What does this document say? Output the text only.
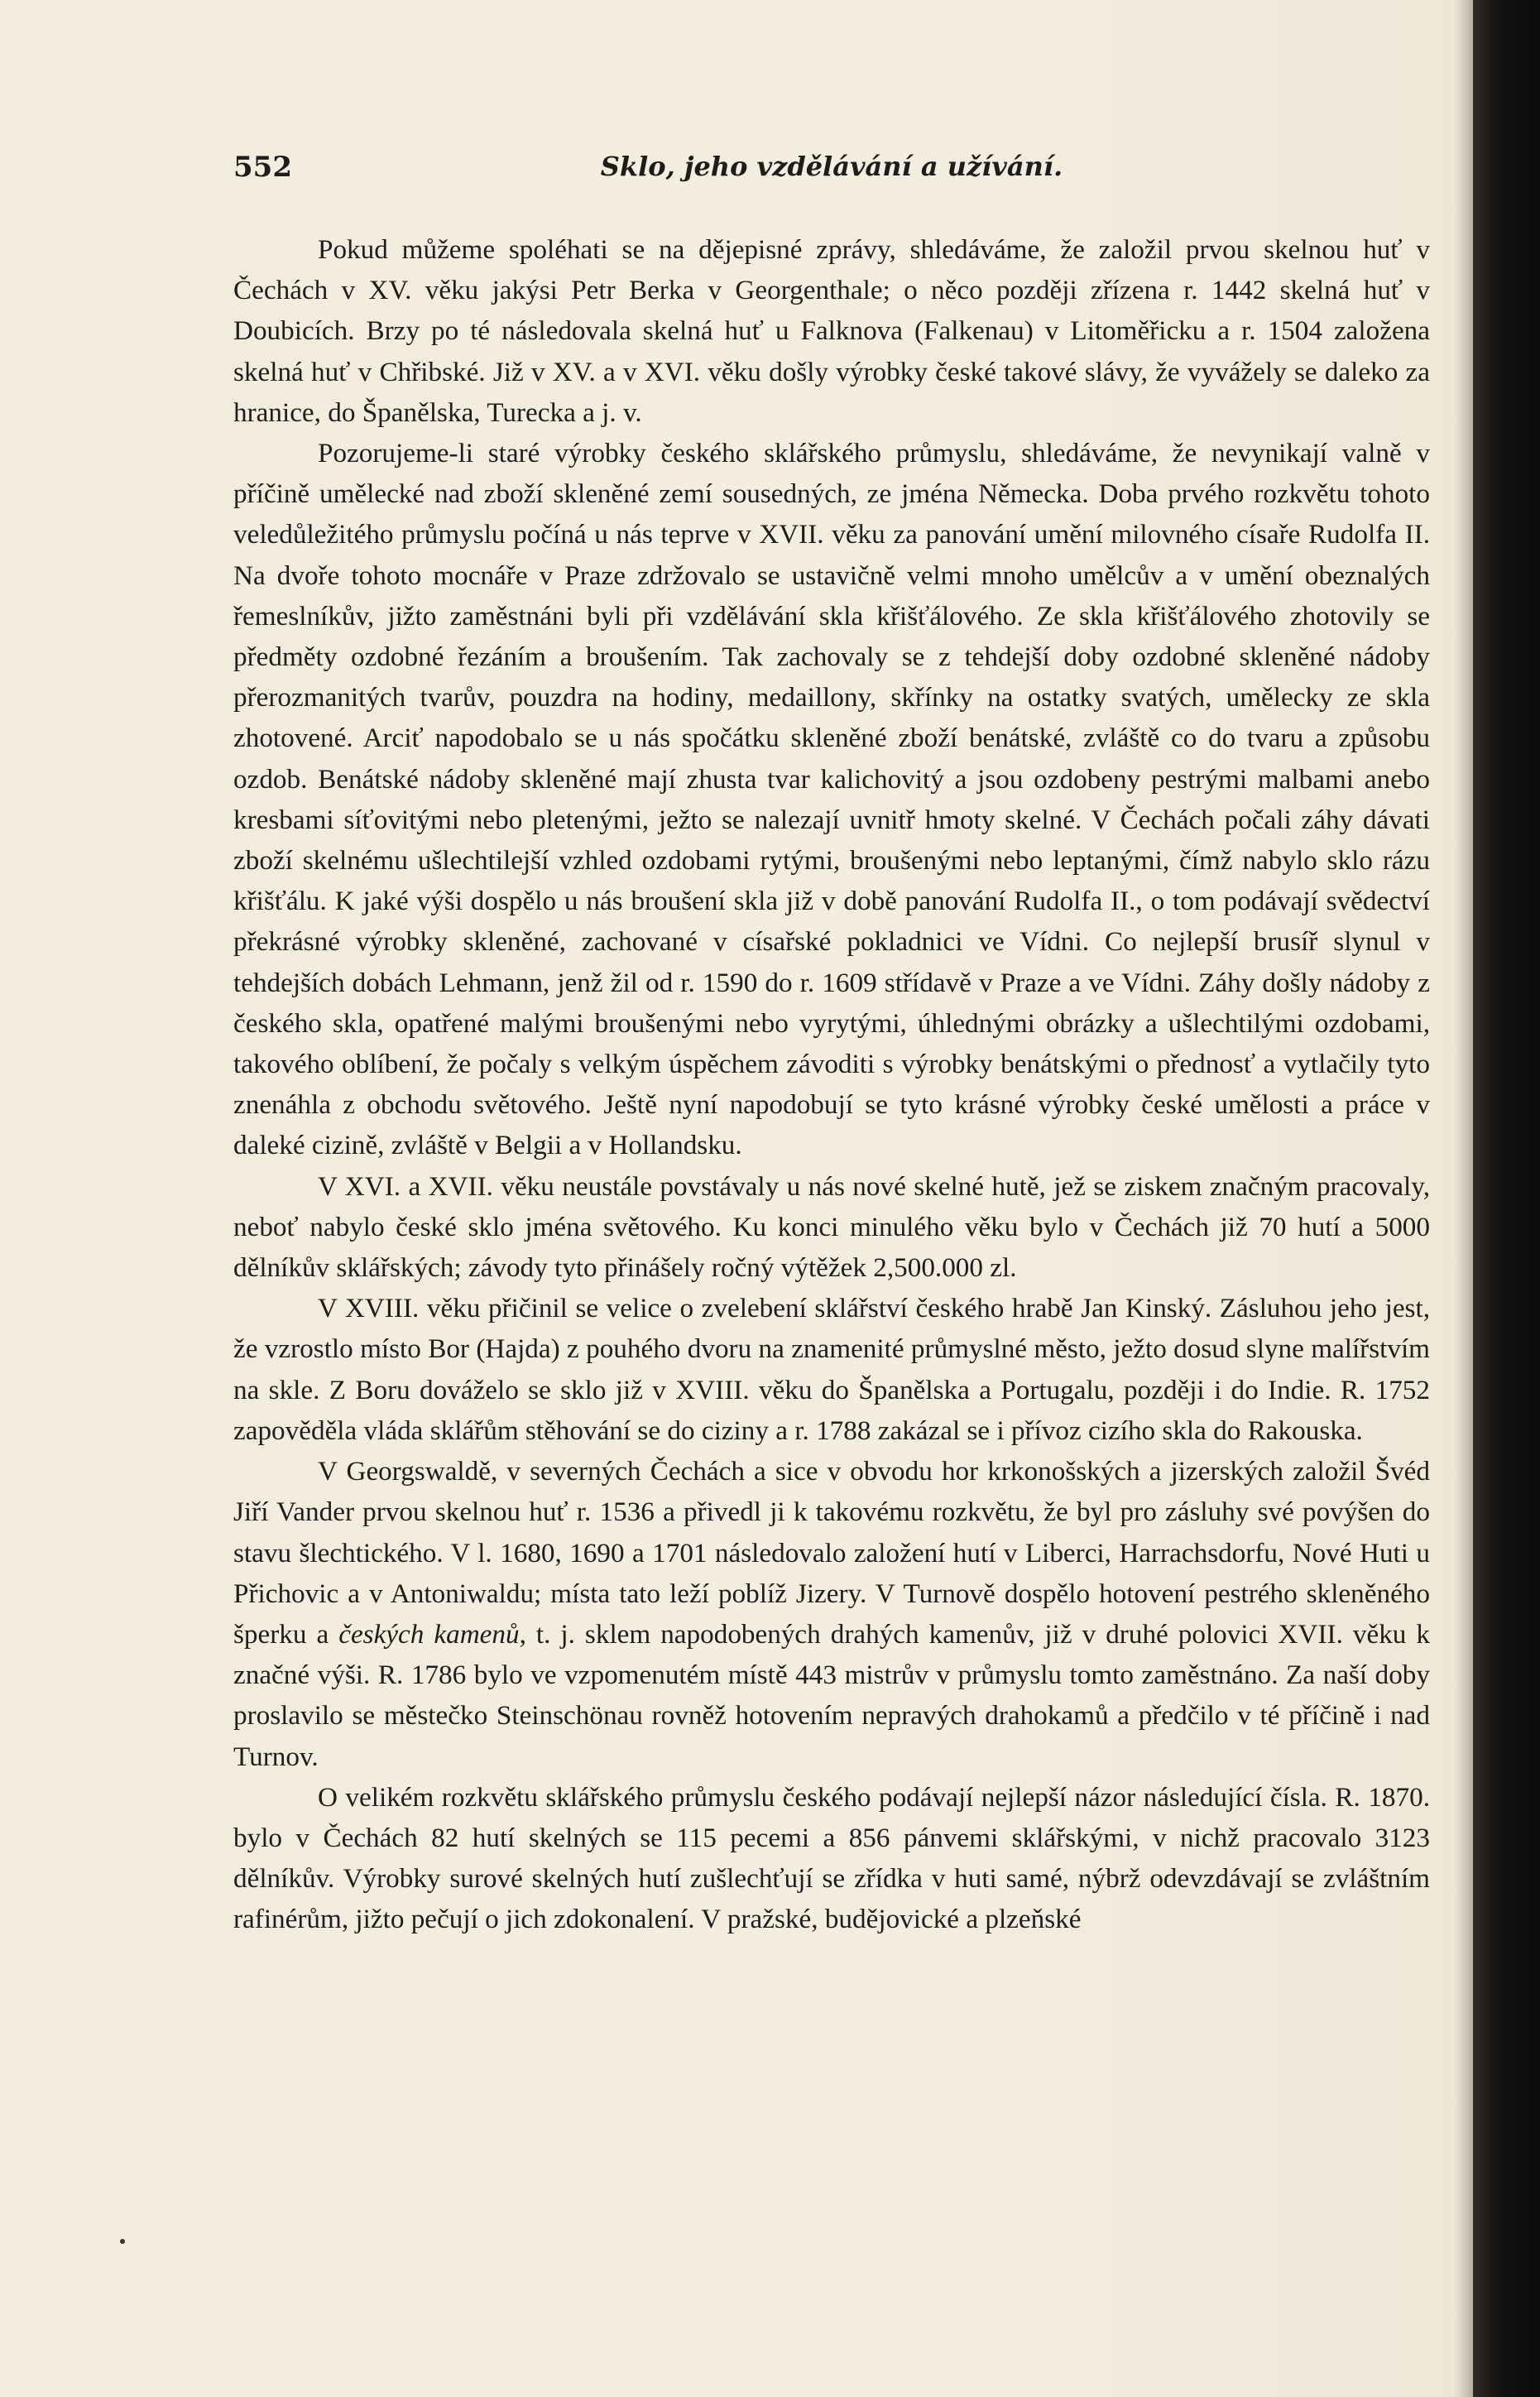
552	Sklo, jeho vzdělávání a užívání.

Pokud můžeme spoléhati se na dějepisné zprávy, shledáváme, že založil prvou skelnou huť v Čechách v XV. věku jakýsi Petr Berka v Georgenthale; o něco později zřízena r. 1442 skelná huť v Doubicích. Brzy po té následovala skelná huť u Falknova (Falkenau) v Litoměřicku a r. 1504 založena skelná huť v Chřibské. Již v XV. a v XVI. věku došly výrobky české takové slávy, že vyvážely se daleko za hranice, do Španělska, Turecka a j. v.

Pozorujeme-li staré výrobky českého sklářského průmyslu, shledáváme, že nevynikají valně v příčině umělecké nad zboží skleněné zemí sousedných, ze jména Německa. Doba prvého rozkvětu tohoto veledůležitého průmyslu počíná u nás teprve v XVII. věku za panování umění milovného císaře Rudolfa II. Na dvoře tohoto mocnáře v Praze zdržovalo se ustavičně velmi mnoho umělcův a v umění obeznalých řemeslníkův, jižto zaměstnáni byli při vzdělávání skla křišťálového. Ze skla křišťálového zhotovily se předměty ozdobné řezáním a broušením. Tak zachovaly se z tehdejší doby ozdobné skleněné nádoby přerozmanitých tvarův, pouzdra na hodiny, medaillony, skřínky na ostatky svatých, umělecky ze skla zhotovené. Arciť napodobalo se u nás spočátku skleněné zboží benátské, zvláště co do tvaru a způsobu ozdob. Benátské nádoby skleněné mají zhusta tvar kalichovitý a jsou ozdobeny pestrými malbami anebo kresbami síťovitými nebo pletenými, ježto se nalezají uvnitř hmoty skelné. V Čechách počali záhy dávati zboží skelnému ušlechtilejší vzhled ozdobami rytými, broušenými nebo leptanými, čímž nabylo sklo rázu křišťálu. K jaké výši dospělo u nás broušení skla již v době panování Rudolfa II., o tom podávají svědectví překrásné výrobky skleněné, zachované v císařské pokladnici ve Vídni. Co nejlepší brusíř slynul v tehdejších dobách Lehmann, jenž žil od r. 1590 do r. 1609 střídavě v Praze a ve Vídni. Záhy došly nádoby z českého skla, opatřené malými broušenými nebo vyrytými, úhlednými obrázky a ušlechtilými ozdobami, takového oblíbení, že počaly s velkým úspěchem závoditi s výrobky benátskými o přednosť a vytlačily tyto znenáhla z obchodu světového. Ještě nyní napodobují se tyto krásné výrobky české umělosti a práce v daleké cizině, zvláště v Belgii a v Hollandsku.

V XVI. a XVII. věku neustále povstávaly u nás nové skelné hutě, jež se ziskem značným pracovaly, neboť nabylo české sklo jména světového. Ku konci minulého věku bylo v Čechách již 70 hutí a 5000 dělníkův sklářských; závody tyto přinášely ročný výtěžek 2,500.000 zl.

V XVIII. věku přičinil se velice o zvelebení sklářství českého hrabě Jan Kinský. Zásluhou jeho jest, že vzrostlo místo Bor (Hajda) z pouhého dvoru na znamenité průmyslné město, ježto dosud slyne malířstvím na skle. Z Boru dováželo se sklo již v XVIII. věku do Španělska a Portugalu, později i do Indie. R. 1752 zapověděla vláda sklářům stěhování se do ciziny a r. 1788 zakázal se i přívoz cizího skla do Rakouska.

V Georgswaldě, v severných Čechách a sice v obvodu hor krkonošských a jizerských založil Švéd Jiří Vander prvou skelnou huť r. 1536 a přivedl ji k takovému rozkvětu, že byl pro zásluhy své povýšen do stavu šlechtického. V l. 1680, 1690 a 1701 následovalo založení hutí v Liberci, Harrachsdorfu, Nové Huti u Přichovic a v Antoniwaldu; místa tato leží poblíž Jizery. V Turnově dospělo hotovení pestrého skleněného šperku a českých kamenů, t. j. sklem napodobených drahých kamenův, již v druhé polovici XVII. věku k značné výši. R. 1786 bylo ve vzpomenutém místě 443 mistrův v průmyslu tomto zaměstnáno. Za naší doby proslavilo se městečko Steinschönau rovněž hotovením nepravých drahokamů a předčilo v té příčině i nad Turnov.

O velikém rozkvětu sklářského průmyslu českého podávají nejlepší názor následující čísla. R. 1870. bylo v Čechách 82 hutí skelných se 115 pecemi a 856 pánvemi sklářskými, v nichž pracovalo 3123 dělníkův. Výrobky surové skelných hutí zušlechťují se zřídka v huti samé, nýbrž odevzdávají se zvláštním rafinérům, jižto pečují o jich zdokonalení. V pražské, budějovické a plzeňské
